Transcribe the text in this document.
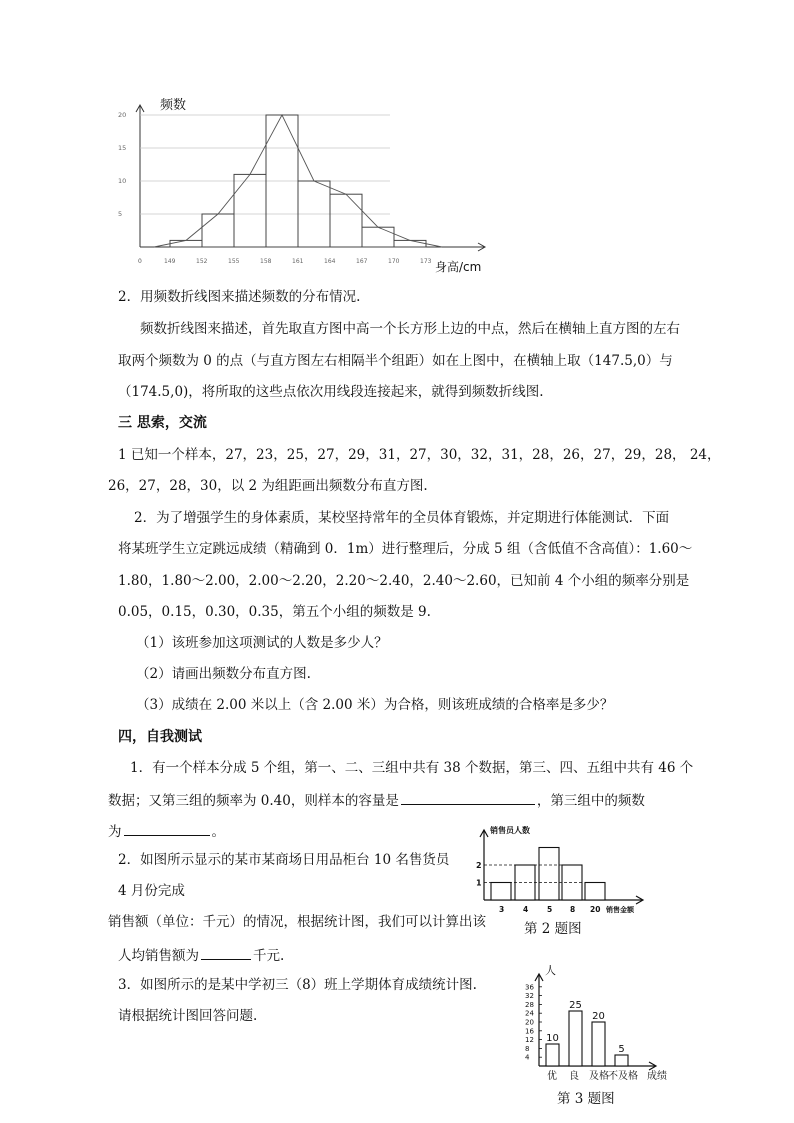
5
10
15
20
149	152	155	158	161	164	167	170	173
频数
0	身高/cm
2．用频数折线图来描述频数的分布情况.
频数折线图来描述，首先取直方图中高一个长方形上边的中点，然后在横轴上直方图的左右
取两个频数为 0 的点（与直方图左右相隔半个组距）如在上图中，在横轴上取（147.5,0）与
（174.5,0)，将所取的这些点依次用线段连接起来，就得到频数折线图.
三 思索，交流
1 已知一个样本，27，23，25，27，29，31，27，30，32，31，28，26，27，29，28， 24，
26，27，28，30，以 2 为组距画出频数分布直方图.
2．为了增强学生的身体素质，某校坚持常年的全员体育锻炼，并定期进行体能测试．下面
将某班学生立定跳远成绩（精确到 0．1m）进行整理后，分成 5 组（含低值不含高值）：1.60～
1.80，1.80～2.00，2.00～2.20，2.20～2.40，2.40～2.60，已知前 4 个小组的频率分别是
0.05，0.15，0.30，0.35，第五个小组的频数是 9.
（1）该班参加这项测试的人数是多少人？
（2）请画出频数分布直方图.
（3）成绩在 2.00 米以上（含 2.00 米）为合格，则该班成绩的合格率是多少？
四，自我测试
1．有一个样本分成 5 个组，第一、二、三组中共有 38 个数据，第三、四、五组中共有 46 个
数据；又第三组的频率为 0.40，则样本的容量是	，第三组中的频数
为	。
2．如图所示显示的某市某商场日用品柜台 10 名售货员
4 月份完成
销售额（单位：千元）的情况，根据统计图，我们可以计算出该
人均销售额为	千元.
3．如图所示的是某中学初三（8）班上学期体育成绩统计图.
请根据统计图回答问题.
1
2
3	4	5 8 20
销售员人数
销售金额
第 2 题图
4
8
12
16
20
24
28
32
36
10
25
20
5
优 良 及格 不及格
人
成绩
第 3 题图
